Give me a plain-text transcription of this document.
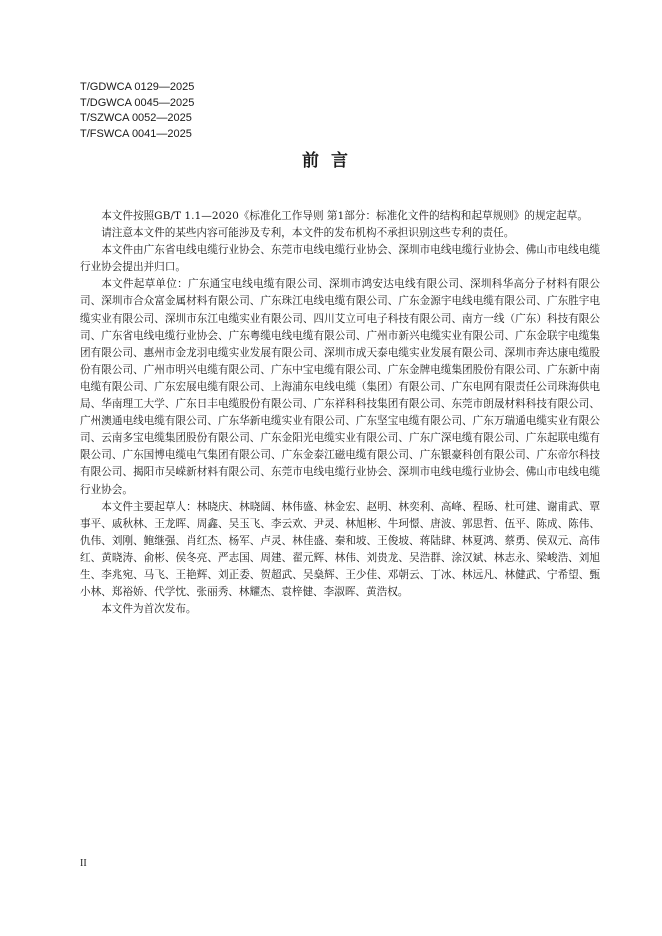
T/GDWCA 0129—2025
T/DGWCA 0045—2025
T/SZWCA 0052—2025
T/FSWCA 0041—2025
前言

本文件按照GB/T 1.1—2020《标准化工作导则 第1部分：标准化文件的结构和起草规则》的规定起草。

请注意本文件的某些内容可能涉及专利，本文件的发布机构不承担识别这些专利的责任。

本文件由广东省电线电缆行业协会、东莞市电线电缆行业协会、深圳市电线电缆行业协会、佛山市电线电缆行业协会提出并归口。

本文件起草单位：广东通宝电线电缆有限公司、深圳市鸿安达电线有限公司、深圳科华高分子材料有限公司、深圳市合众富金属材料有限公司、广东珠江电线电缆有限公司、广东金源宇电线电缆有限公司、广东胜宇电缆实业有限公司、深圳市东江电缆实业有限公司、四川艾立可电子科技有限公司、南方一线（广东）科技有限公司、广东省电线电缆行业协会、广东粤缆电线电缆有限公司、广州市新兴电缆实业有限公司、广东金联宇电缆集团有限公司、惠州市金龙羽电缆实业发展有限公司、深圳市成天泰电缆实业发展有限公司、深圳市奔达康电缆股份有限公司、广州市明兴电缆有限公司、广东中宝电缆有限公司、广东金牌电缆集团股份有限公司、广东新中南电缆有限公司、广东宏展电缆有限公司、上海浦东电线电缆（集团）有限公司、广东电网有限责任公司珠海供电局、华南理工大学、广东日丰电缆股份有限公司、广东祥科科技集团有限公司、东莞市朗晟材料科技有限公司、广州澳通电线电缆有限公司、广东华新电缆实业有限公司、广东坚宝电缆有限公司、广东万瑞通电缆实业有限公司、云南多宝电缆集团股份有限公司、广东金阳光电缆实业有限公司、广东广深电缆有限公司、广东起联电缆有限公司、广东国博电缆电气集团有限公司、广东金泰江磁电缆有限公司、广东银豪科创有限公司、广东帝尔科技有限公司、揭阳市吴嵘新材料有限公司、东莞市电线电缆行业协会、深圳市电线电缆行业协会、佛山市电线电缆行业协会。

本文件主要起草人：林晓庆、林晓阔、林伟盛、林金宏、赵明、林奕利、高峰、程旸、杜可建、谢甫武、覃事平、戚秋林、王龙晖、周鑫、吴玉飞、李云欢、尹灵、林旭彬、牛珂憬、唐波、郭思哲、伍平、陈成、陈伟、仇伟、刘刚、鲍继强、肖红杰、杨军、卢灵、林佳盛、秦和坡、王俊坡、蒋陆肆、林夏鸿、蔡勇、侯双元、高伟红、黄晓涛、俞彬、侯冬亮、严志国、周建、翟元辉、林伟、刘贵龙、吴浩群、涂汉斌、林志永、梁峻浩、刘旭生、李兆宛、马飞、王艳辉、刘正委、贺超武、吴燊辉、王少佳、邓朝云、丁冰、林远凡、林健武、宁希望、甄小林、郑裕娇、代学忱、张丽秀、林耀杰、袁梓健、李淑晖、黄浩权。

本文件为首次发布。

II
